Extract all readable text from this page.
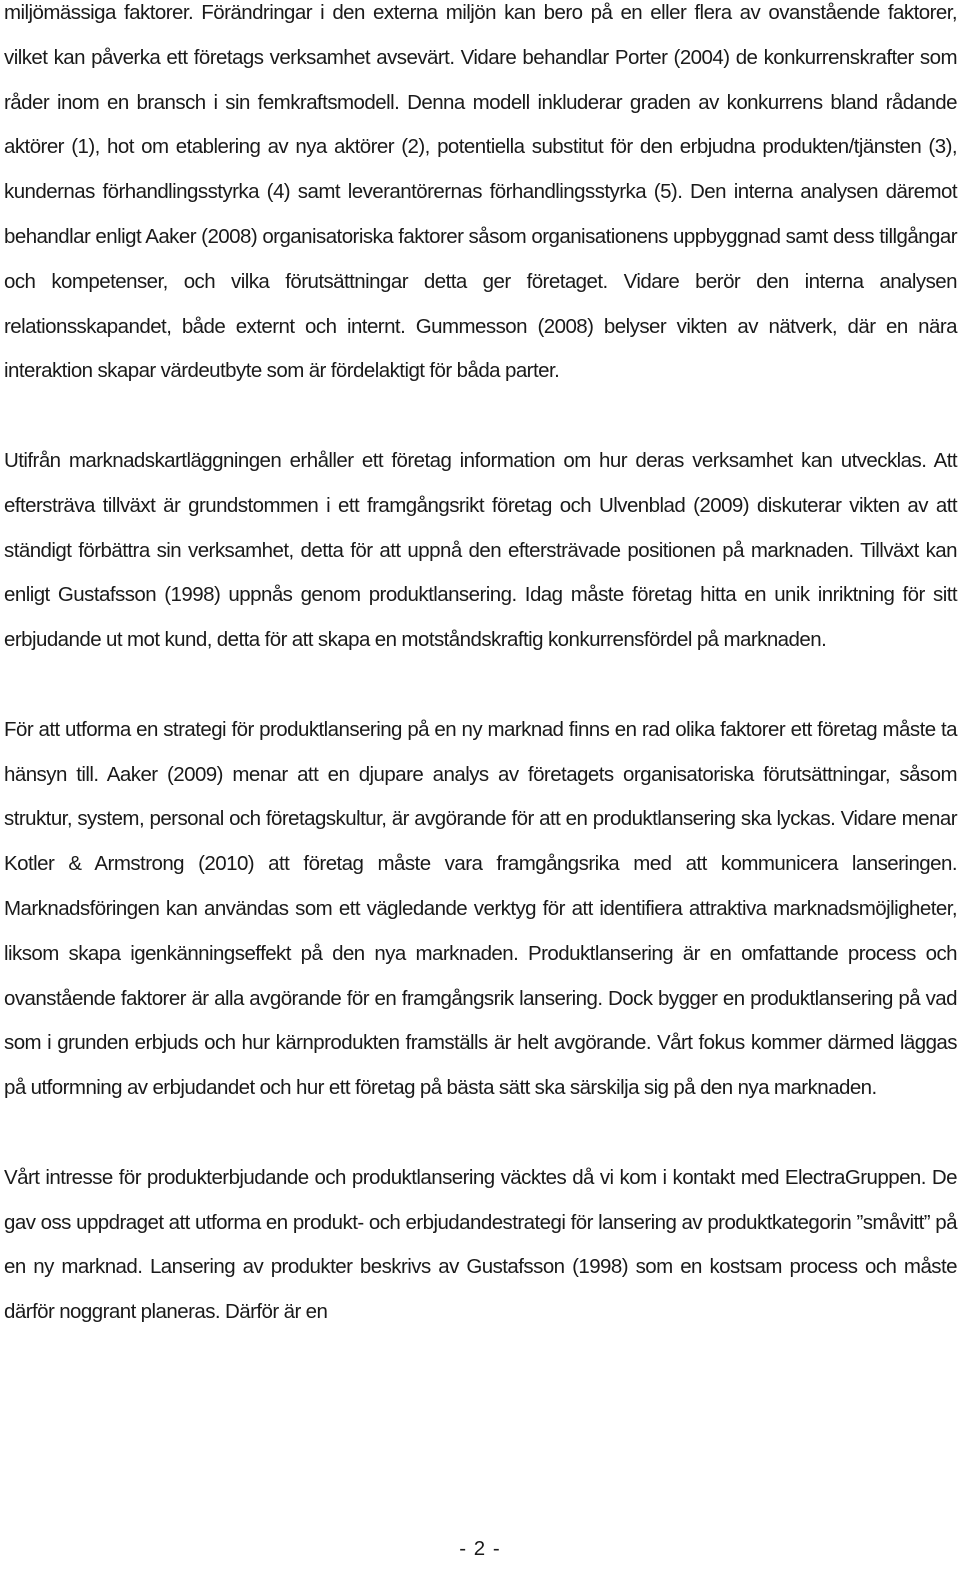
miljömässiga faktorer. Förändringar i den externa miljön kan bero på en eller flera av ovanstående faktorer, vilket kan påverka ett företags verksamhet avsevärt. Vidare behandlar Porter (2004) de konkurrenskrafter som råder inom en bransch i sin femkraftsmodell. Denna modell inkluderar graden av konkurrens bland rådande aktörer (1), hot om etablering av nya aktörer (2), potentiella substitut för den erbjudna produkten/tjänsten (3), kundernas förhandlingsstyrka (4) samt leverantörernas förhandlingsstyrka (5). Den interna analysen däremot behandlar enligt Aaker (2008) organisatoriska faktorer såsom organisationens uppbyggnad samt dess tillgångar och kompetenser, och vilka förutsättningar detta ger företaget. Vidare berör den interna analysen relationsskapandet, både externt och internt. Gummesson (2008) belyser vikten av nätverk, där en nära interaktion skapar värdeutbyte som är fördelaktigt för båda parter.

Utifrån marknadskartläggningen erhåller ett företag information om hur deras verksamhet kan utvecklas. Att eftersträva tillväxt är grundstommen i ett framgångsrikt företag och Ulvenblad (2009) diskuterar vikten av att ständigt förbättra sin verksamhet, detta för att uppnå den eftersträvade positionen på marknaden. Tillväxt kan enligt Gustafsson (1998) uppnås genom produktlansering. Idag måste företag hitta en unik inriktning för sitt erbjudande ut mot kund, detta för att skapa en motståndskraftig konkurrensfördel på marknaden.

För att utforma en strategi för produktlansering på en ny marknad finns en rad olika faktorer ett företag måste ta hänsyn till. Aaker (2009) menar att en djupare analys av företagets organisatoriska förutsättningar, såsom struktur, system, personal och företagskultur, är avgörande för att en produktlansering ska lyckas. Vidare menar Kotler & Armstrong (2010) att företag måste vara framgångsrika med att kommunicera lanseringen. Marknadsföringen kan användas som ett vägledande verktyg för att identifiera attraktiva marknadsmöjligheter, liksom skapa igenkänningseffekt på den nya marknaden. Produktlansering är en omfattande process och ovanstående faktorer är alla avgörande för en framgångsrik lansering. Dock bygger en produktlansering på vad som i grunden erbjuds och hur kärnprodukten framställs är helt avgörande. Vårt fokus kommer därmed läggas på utformning av erbjudandet och hur ett företag på bästa sätt ska särskilja sig på den nya marknaden.

Vårt intresse för produkterbjudande och produktlansering väcktes då vi kom i kontakt med ElectraGruppen. De gav oss uppdraget att utforma en produkt- och erbjudandestrategi för lansering av produktkategorin ”småvitt” på en ny marknad. Lansering av produkter beskrivs av Gustafsson (1998) som en kostsam process och måste därför noggrant planeras. Därför är en

- 2 -
